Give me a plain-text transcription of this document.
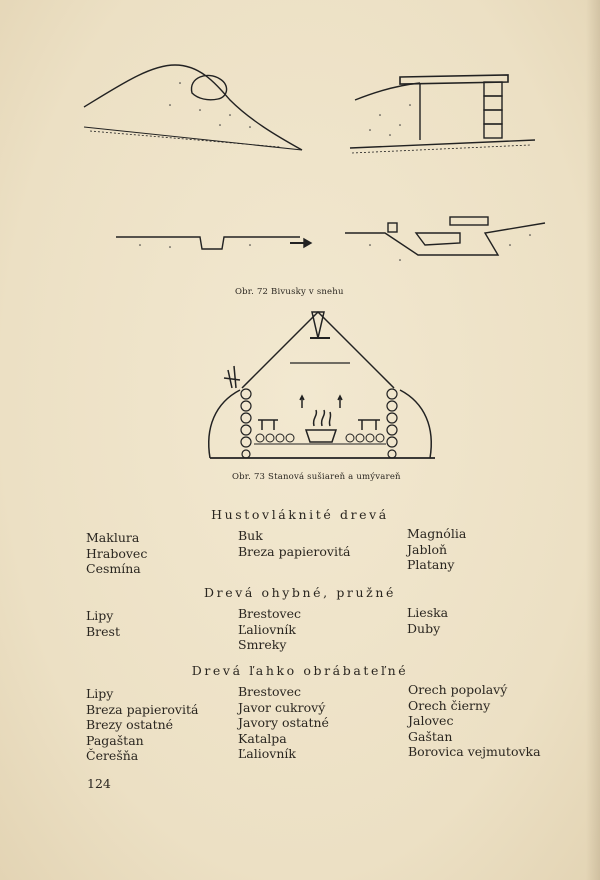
Obr. 72 Bivusky v snehu
Obr. 73 Stanová sušiareň a umývareň
Hustovláknité drevá
Maklura
Hrabovec
Cesmína
Buk
Breza papierovitá
Magnólia
Jabloň
Platany
Drevá ohybné, pružné
Lipy
Brest
Brestovec
Ľaliovník
Smreky
Lieska
Duby
Drevá ľahko obrábateľné
Lipy
Breza papierovitá
Brezy ostatné
Pagaštan
Čerešňa
Brestovec
Javor cukrový
Javory ostatné
Katalpa
Ľaliovník
Orech popolavý
Orech čierny
Jalovec
Gaštan
Borovica vejmutovka
124
